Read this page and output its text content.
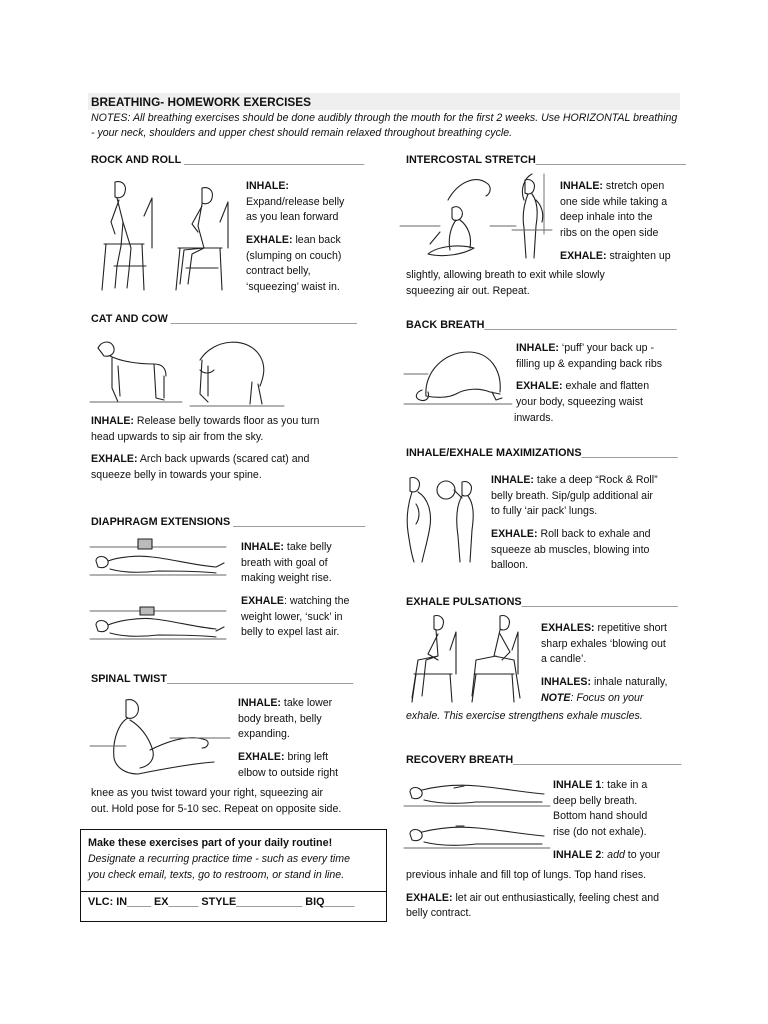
BREATHING- HOMEWORK EXERCISES
NOTES: All breathing exercises should be done audibly through the mouth for the first 2 weeks. Use HORIZONTAL breathing - your neck, shoulders and upper chest should remain relaxed throughout breathing cycle.
ROCK AND ROLL ______________________________
INHALE:
Expand/release belly
as you lean forward
EXHALE: lean back
(slumping on couch)
contract belly,
‘squeezing’ waist in.
CAT AND COW _______________________________
INHALE: Release belly towards floor as you turn
head upwards to sip air from the sky.
EXHALE: Arch back upwards (scared cat) and
squeeze belly in towards your spine.
DIAPHRAGM EXTENSIONS ______________________
INHALE: take belly
breath with goal of
making weight rise.
EXHALE: watching the
weight lower, ‘suck’ in
belly to expel last air.
SPINAL TWIST_______________________________
INHALE: take lower
body breath, belly
expanding.
EXHALE: bring left
elbow to outside right
knee as you twist toward your right, squeezing air
out. Hold pose for 5-10 sec. Repeat on opposite side.
Make these exercises part of your daily routine!
Designate a recurring practice time - such as every time
you check email, texts, go to restroom, or stand in line.
VLC: IN____ EX_____ STYLE___________ BIQ_____
INTERCOSTAL STRETCH_________________________
INHALE: stretch open
one side while taking a
deep inhale into the
ribs on the open side
EXHALE: straighten up
slightly, allowing breath to exit while slowly
squeezing air out. Repeat.
BACK BREATH________________________________
INHALE: ‘puff’ your back up -
filling up & expanding back ribs
EXHALE: exhale and flatten
your body, squeezing waist
inwards.
INHALE/EXHALE MAXIMIZATIONS________________
INHALE: take a deep “Rock & Roll”
belly breath. Sip/gulp additional air
to fully ‘air pack’ lungs.
EXHALE: Roll back to exhale and
squeeze ab muscles, blowing into
balloon.
EXHALE PULSATIONS__________________________
EXHALES: repetitive short
sharp exhales ‘blowing out
a candle’.
INHALES: inhale naturally,
NOTE: Focus on your
exhale. This exercise strengthens exhale muscles.
RECOVERY BREATH____________________________
INHALE 1: take in a
deep belly breath.
Bottom hand should
rise (do not exhale).
INHALE 2: add to your
previous inhale and fill top of lungs. Top hand rises.
EXHALE: let air out enthusiastically, feeling chest and
belly contract.
